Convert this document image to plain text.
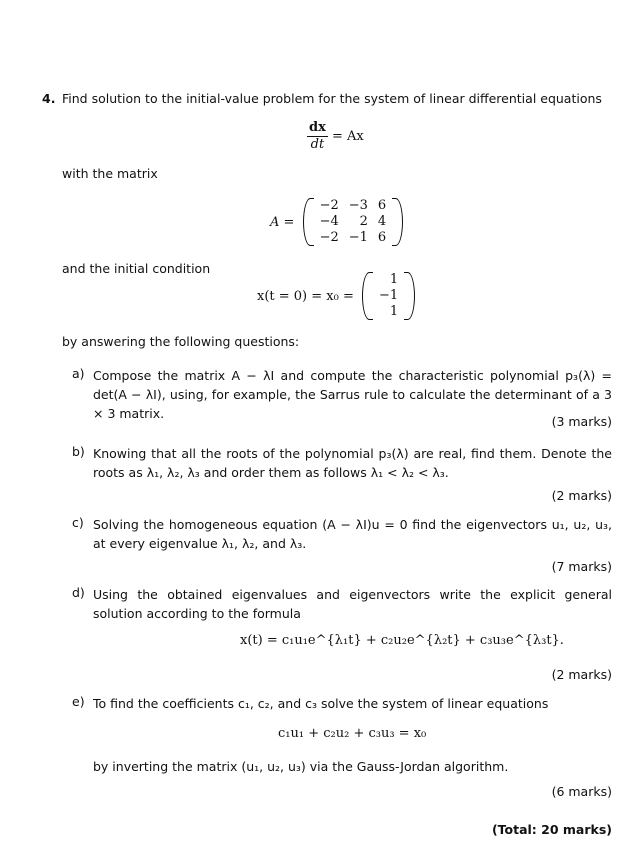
4. Find solution to the initial-value problem for the system of linear differential equations
$\frac{dx}{dt} = Ax$
with the matrix
A =
−2	−3	6
−4	2	4
−2	−1	6
and the initial condition
x(t = 0) = x₀ =
1
−1
1
by answering the following questions:
a) Compose the matrix A − λI and compute the characteristic polynomial p₃(λ) = det(A − λI), using, for example, the Sarrus rule to calculate the determinant of a 3 × 3 matrix.
(3 marks)
b) Knowing that all the roots of the polynomial p₃(λ) are real, find them. Denote the roots as λ₁, λ₂, λ₃ and order them as follows λ₁ < λ₂ < λ₃.
(2 marks)
c) Solving the homogeneous equation (A − λI)u = 0 find the eigenvectors u₁, u₂, u₃, at every eigenvalue λ₁, λ₂, and λ₃.
(7 marks)
d) Using the obtained eigenvalues and eigenvectors write the explicit general solution according to the formula
x(t) = c₁u₁e^{λ₁t} + c₂u₂e^{λ₂t} + c₃u₃e^{λ₃t}.
(2 marks)
e) To find the coefficients c₁, c₂, and c₃ solve the system of linear equations
c₁u₁ + c₂u₂ + c₃u₃ = x₀
by inverting the matrix (u₁, u₂, u₃) via the Gauss-Jordan algorithm.
(6 marks)
(Total: 20 marks)
